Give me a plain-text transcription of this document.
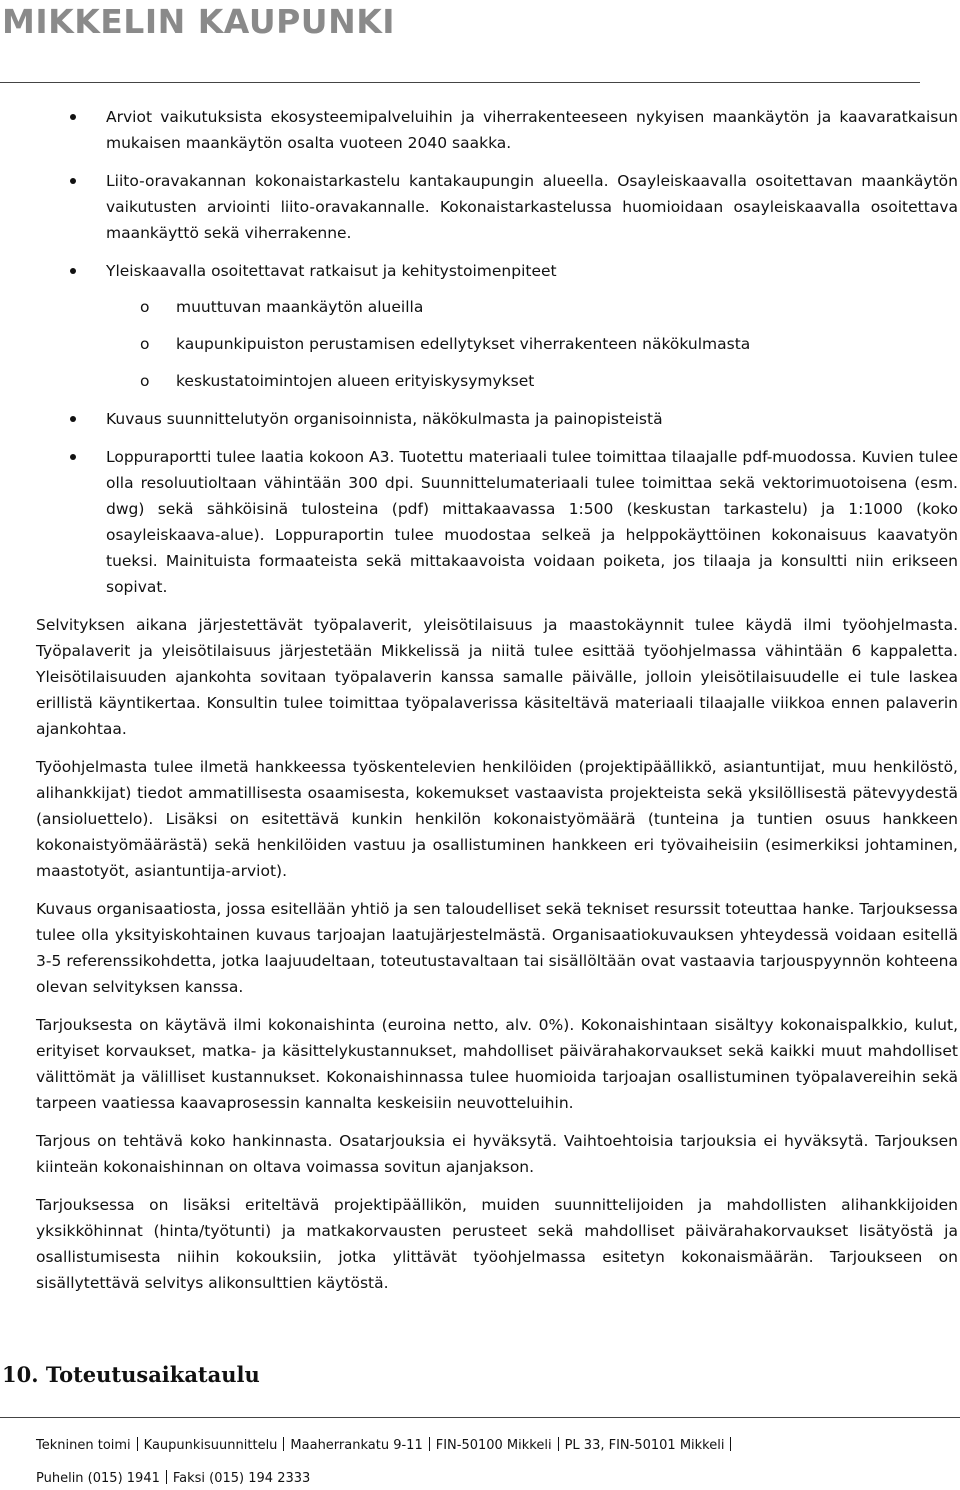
MIKKELIN KAUPUNKI
Arviot vaikutuksista ekosysteemipalveluihin ja viherrakenteeseen nykyisen maankäytön ja kaavaratkaisun mukaisen maankäytön osalta vuoteen 2040 saakka.
Liito-oravakannan kokonaistarkastelu kantakaupungin alueella. Osayleiskaavalla osoitettavan maankäytön vaikutusten arviointi liito-oravakannalle. Kokonaistarkastelussa huomioidaan osayleiskaavalla osoitettava maankäyttö sekä viherrakenne.
Yleiskaavalla osoitettavat ratkaisut ja kehitystoimenpiteet
o muuttuvan maankäytön alueilla
o kaupunkipuiston perustamisen edellytykset viherrakenteen näkökulmasta
o keskustatoimintojen alueen erityiskysymykset
Kuvaus suunnittelutyön organisoinnista, näkökulmasta ja painopisteistä
Loppuraportti tulee laatia kokoon A3. Tuotettu materiaali tulee toimittaa tilaajalle pdf-muodossa. Kuvien tulee olla resoluutioltaan vähintään 300 dpi. Suunnittelumateriaali tulee toimittaa sekä vektorimuotoisena (esm. dwg) sekä sähköisinä tulosteina (pdf) mittakaavassa 1:500 (keskustan tarkastelu) ja 1:1000 (koko osayleiskaava-alue). Loppuraportin tulee muodostaa selkeä ja helppokäyttöinen kokonaisuus kaavatyön tueksi. Mainituista formaateista sekä mittakaavoista voidaan poiketa, jos tilaaja ja konsultti niin erikseen sopivat.

Selvityksen aikana järjestettävät työpalaverit, yleisötilaisuus ja maastokäynnit tulee käydä ilmi työohjelmasta. Työpalaverit ja yleisötilaisuus järjestetään Mikkelissä ja niitä tulee esittää työohjelmassa vähintään 6 kappaletta. Yleisötilaisuuden ajankohta sovitaan työpalaverin kanssa samalle päivälle, jolloin yleisötilaisuudelle ei tule laskea erillistä käyntikertaa. Konsultin tulee toimittaa työpalaverissa käsiteltävä materiaali tilaajalle viikkoa ennen palaverin ajankohtaa.

Työohjelmasta tulee ilmetä hankkeessa työskentelevien henkilöiden (projektipäällikkö, asiantuntijat, muu henkilöstö, alihankkijat) tiedot ammatillisesta osaamisesta, kokemukset vastaavista projekteista sekä yksilöllisestä pätevyydestä (ansioluettelo). Lisäksi on esitettävä kunkin henkilön kokonaistyömäärä (tunteina ja tuntien osuus hankkeen kokonaistyömäärästä) sekä henkilöiden vastuu ja osallistuminen hankkeen eri työvaiheisiin (esimerkiksi johtaminen, maastotyöt, asiantuntija-arviot).

Kuvaus organisaatiosta, jossa esitellään yhtiö ja sen taloudelliset sekä tekniset resurssit toteuttaa hanke. Tarjouksessa tulee olla yksityiskohtainen kuvaus tarjoajan laatujärjestelmästä. Organisaatiokuvauksen yhteydessä voidaan esitellä 3-5 referenssikohdetta, jotka laajuudeltaan, toteutustavaltaan tai sisällöltään ovat vastaavia tarjouspyynnön kohteena olevan selvityksen kanssa.

Tarjouksesta on käytävä ilmi kokonaishinta (euroina netto, alv. 0%). Kokonaishintaan sisältyy kokonaispalkkio, kulut, erityiset korvaukset, matka- ja käsittelykustannukset, mahdolliset päivärahakorvaukset sekä kaikki muut mahdolliset välittömät ja välilliset kustannukset. Kokonaishinnassa tulee huomioida tarjoajan osallistuminen työpalavereihin sekä tarpeen vaatiessa kaavaprosessin kannalta keskeisiin neuvotteluihin.

Tarjous on tehtävä koko hankinnasta. Osatarjouksia ei hyväksytä. Vaihtoehtoisia tarjouksia ei hyväksytä. Tarjouksen kiinteän kokonaishinnan on oltava voimassa sovitun ajanjakson.

Tarjouksessa on lisäksi eriteltävä projektipäällikön, muiden suunnittelijoiden ja mahdollisten alihankkijoiden yksikköhinnat (hinta/työtunti) ja matkakorvausten perusteet sekä mahdolliset päivärahakorvaukset lisätyöstä ja osallistumisesta niihin kokouksiin, jotka ylittävät työohjelmassa esitetyn kokonaismäärän. Tarjoukseen on sisällytettävä selvitys alikonsulttien käytöstä.

10. Toteutusaikataulu
Tekninen toimi Kaupunkisuunnittelu Maaherrankatu 9-11 FIN-50100 Mikkeli PL 33, FIN-50101 Mikkeli
Puhelin (015) 1941 Faksi (015) 194 2333
